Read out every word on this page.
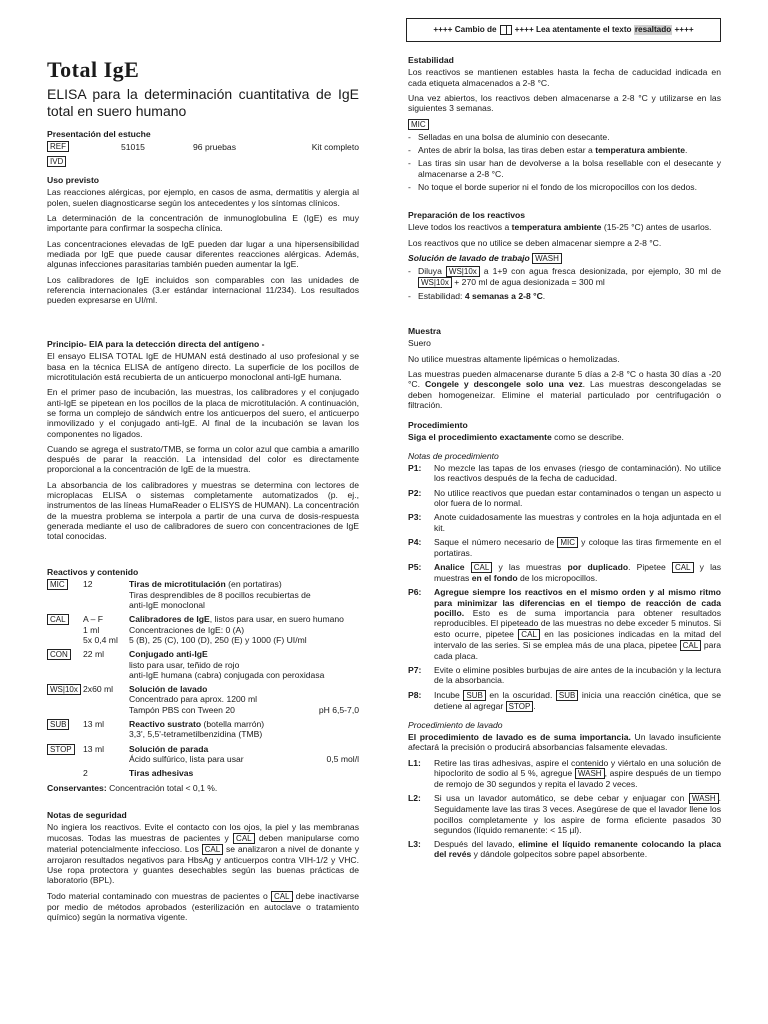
++++ Cambio de ++++ Lea atentamente el texto
resaltado
++++
Total IgE

ELISA para la determinación cuantitativa de IgE total en suero humano

Presentación del estuche
REF	51015	96 pruebas	Kit completo
IVD
Uso previsto

Las reacciones alérgicas, por ejemplo, en casos de asma, dermatitis y alergia al polen, suelen diagnosticarse según los antecedentes y los síntomas clínicos.

La determinación de la concentración de inmunoglobulina E (IgE) es muy importante para confirmar la sospecha clínica.

Las concentraciones elevadas de IgE pueden dar lugar a una hipersensibilidad mediada por IgE que puede causar diferentes reacciones alérgicas. Además, algunas infecciones parasitarias también pueden aumentar la IgE.

Los calibradores de IgE incluidos son comparables con las unidades de referencia internacionales (3.er estándar internacional 11/234). Los resultados pueden expresarse en UI/ml.

Principio- EIA para la detección directa del antígeno -

El ensayo ELISA TOTAL IgE de HUMAN está destinado al uso profesional y se basa en la técnica ELISA de antígeno directo. La superficie de los pocillos de microtitulación está recubierta de un anticuerpo monoclonal anti-IgE humana.

En el primer paso de incubación, las muestras, los calibradores y el conjugado anti-IgE se pipetean en los pocillos de la placa de microtitulación. A continuación, se forma un complejo de sándwich entre los anticuerpos del suero, el anticuerpo inmovilizado y el conjugado anti-IgE. Al final de la incubación se lavan los componentes no ligados.

Cuando se agrega el sustrato/TMB, se forma un color azul que cambia a amarillo después de parar la reacción. La intensidad del color es directamente proporcional a la concentración de IgE de la muestra.

La absorbancia de los calibradores y muestras se determina con lectores de microplacas ELISA o sistemas completamente automatizados (p. ej., instrumentos de las líneas HumaReader o ELISYS de HUMAN). La concentración de la muestra problema se interpola a partir de una curva de dosis-respuesta generada mediante el uso de calibradores de suero con concentraciones de IgE total conocidas.

Reactivos y contenido
MIC	12	Tiras de microtitulación (en portatiras)
Tiras desprendibles de 8 pocillos recubiertas de
anti-IgE monoclonal

CAL	A – F
1 ml
5x 0,4 ml	Calibradores de IgE, listos para usar, en suero humano
Concentraciones de IgE: 0 (A)
5 (B), 25 (C), 100 (D), 250 (E) y 1000 (F) UI/ml

CON	22 ml	Conjugado anti-IgE
listo para usar, teñido de rojo
anti-IgE humana (cabra) conjugada con peroxidasa

WS|10x	2x60 ml	Solución de lavado
Concentrado para aprox. 1200 ml
Tampón PBS con Tween 20 pH 6,5-7,0

SUB	13 ml	Reactivo sustrato (botella marrón)
3,3', 5,5'-tetrametilbenzidina (TMB)

STOP	13 ml	Solución de parada
Ácido sulfúrico, lista para usar 0,5 mol/l

	2	Tiras adhesivas

Conservantes: Concentración total < 0,1 %.

Notas de seguridad

No ingiera los reactivos. Evite el contacto con los ojos, la piel y las membranas mucosas. Todas las muestras de pacientes y CAL deben manipularse como material potencialmente infeccioso. Los CAL se analizaron a nivel de donante y arrojaron resultados negativos para HbsAg y anticuerpos contra VIH-1/2 y VHC. Use ropa protectora y guantes desechables según las buenas prácticas de laboratorio (BPL).

Todo material contaminado con muestras de pacientes o CAL debe inactivarse por medio de métodos aprobados (esterilización en autoclave o tratamiento químico) según la normativa vigente.

Estabilidad

Los reactivos se mantienen estables hasta la fecha de caducidad indicada en cada etiqueta almacenados a 2-8 °C.

Una vez abiertos, los reactivos deben almacenarse a 2-8 °C y utilizarse en las siguientes 3 semanas.

MIC
- Selladas en una bolsa de aluminio con desecante.
- Antes de abrir la bolsa, las tiras deben estar a temperatura ambiente.
- Las tiras sin usar han de devolverse a la bolsa resellable con el desecante y almacenarse a 2-8 °C.
- No toque el borde superior ni el fondo de los micropocillos con los dedos.
Preparación de los reactivos

Lleve todos los reactivos a temperatura ambiente (15-25 °C) antes de usarlos.

Los reactivos que no utilice se deben almacenar siempre a 2-8 °C.

Solución de lavado de trabajo WASH
- Diluya WS|10x a 1+9 con agua fresca desionizada, por ejemplo, 30 ml de WS|10x + 270 ml de agua desionizada = 300 ml
- Estabilidad: 4 semanas a 2-8 °C.
Muestra

Suero

No utilice muestras altamente lipémicas o hemolizadas.

Las muestras pueden almacenarse durante 5 días a 2-8 °C o hasta 30 días a -20 °C. Congele y descongele solo una vez. Las muestras descongeladas se deben homogeneizar. Elimine el material particulado por centrifugación o filtración.

Procedimiento

Siga el procedimiento exactamente como se describe.

Notas de procedimiento
P1:	No mezcle las tapas de los envases (riesgo de contaminación). No utilice los reactivos después de la fecha de caducidad.
P2:	No utilice reactivos que puedan estar contaminados o tengan un aspecto u olor fuera de lo normal.
P3:	Anote cuidadosamente las muestras y controles en la hoja adjuntada en el kit.
P4:	Saque el número necesario de MIC y coloque las tiras firmemente en el portatiras.
P5:	Analice CAL y las muestras por duplicado. Pipetee CAL y las muestras en el fondo de los micropocillos.
P6:	Agregue siempre los reactivos en el mismo orden y al mismo ritmo para minimizar las diferencias en el tiempo de reacción de cada pocillo. Esto es de suma importancia para obtener resultados reproducibles. El pipeteado de las muestras no debe exceder 5 minutos. Si esto ocurre, pipetee CAL en las posiciones indicadas en la mitad del intervalo de las series. Si se emplea más de una placa, pipetee CAL para cada placa.
P7:	Evite o elimine posibles burbujas de aire antes de la incubación y la lectura de la absorbancia.
P8:	Incube SUB en la oscuridad. SUB inicia una reacción cinética, que se detiene al agregar STOP .
Procedimiento de lavado

El procedimiento de lavado es de suma importancia. Un lavado insuficiente afectará la precisión o producirá absorbancias falsamente elevadas.

L1:	Retire las tiras adhesivas, aspire el contenido y viértalo en una solución de hipoclorito de sodio al 5 %, agregue WASH , aspire después de un tiempo de remojo de 30 segundos y repita el lavado 2 veces.
L2:	Si usa un lavador automático, se debe cebar y enjuagar con WASH . Seguidamente lave las tiras 3 veces. Asegúrese de que el lavador llene los pocillos completamente y los aspire de forma eficiente pasados 30 segundos (líquido remanente: < 15 µl).
L3:	Después del lavado, elimine el líquido remanente colocando la placa del revés y dándole golpecitos sobre papel absorbente.
